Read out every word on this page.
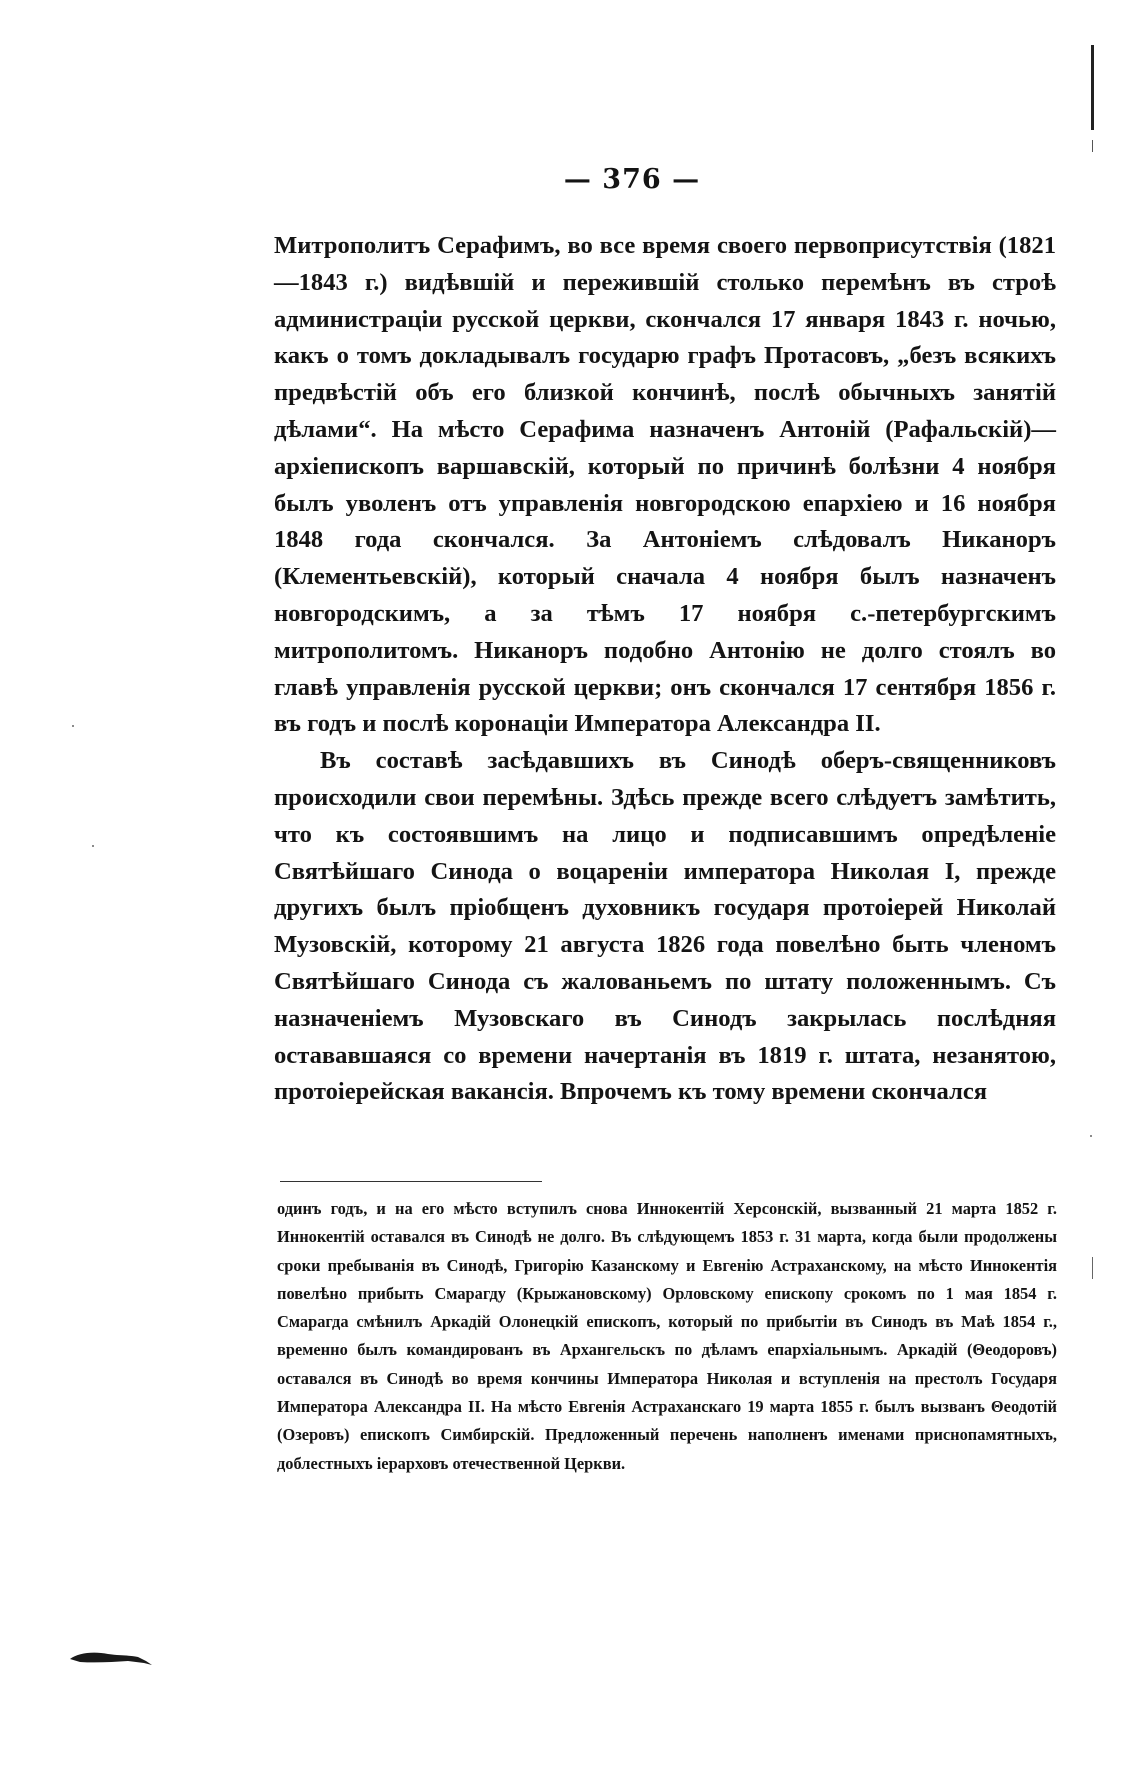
— 376 —

Митрополитъ Серафимъ, во все время своего первоприсутствія (1821—1843 г.) видѣвшій и пережившій столько перемѣнъ въ строѣ администраціи русской церкви, скончался 17 января 1843 г. ночью, какъ о томъ докладывалъ государю графъ Протасовъ, „безъ всякихъ предвѣстій объ его близкой кончинѣ, послѣ обычныхъ занятій дѣлами“. На мѣсто Серафима назначенъ Антоній (Рафальскій)—архіепископъ варшавскій, который по причинѣ болѣзни 4 ноября былъ уволенъ отъ управленія новгородскою епархіею и 16 ноября 1848 года скончался. За Антоніемъ слѣдовалъ Никаноръ (Клементьевскій), который сначала 4 ноября былъ назначенъ новгородскимъ, а за тѣмъ 17 ноября с.-петербургскимъ митрополитомъ. Никаноръ подобно Антонію не долго стоялъ во главѣ управленія русской церкви; онъ скончался 17 сентября 1856 г. въ годъ и послѣ коронаціи Императора Александра II.

Въ составѣ засѣдавшихъ въ Синодѣ оберъ-священниковъ происходили свои перемѣны. Здѣсь прежде всего слѣдуетъ замѣтить, что къ состоявшимъ на лицо и подписавшимъ опредѣленіе Святѣйшаго Синода о воцареніи императора Николая I, прежде другихъ былъ пріобщенъ духовникъ государя протоіерей Николай Музовскій, которому 21 августа 1826 года повелѣно быть членомъ Святѣйшаго Синода съ жалованьемъ по штату положеннымъ. Съ назначеніемъ Музовскаго въ Синодъ закрылась послѣдняя остававшаяся со времени начертанія въ 1819 г. штата, незанятою, протоіерейская вакансія. Впрочемъ къ тому времени скончался

одинъ годъ, и на его мѣсто вступилъ снова Иннокентій Херсонскій, вызванный 21 марта 1852 г. Иннокентій оставался въ Синодѣ не долго. Въ слѣдующемъ 1853 г. 31 марта, когда были продолжены сроки пребыванія въ Синодѣ, Григорію Казанскому и Евгенію Астраханскому, на мѣсто Иннокентія повелѣно прибыть Смарагду (Крыжановскому) Орловскому епископу срокомъ по 1 мая 1854 г. Смарагда смѣнилъ Аркадій Олонецкій епископъ, который по прибытіи въ Синодъ въ Маѣ 1854 г., временно былъ командированъ въ Архангельскъ по дѣламъ епархіальнымъ. Аркадій (Θеодоровъ) оставался въ Синодѣ во время кончины Императора Николая и вступленія на престолъ Государя Императора Александра II. На мѣсто Евгенія Астраханскаго 19 марта 1855 г. былъ вызванъ Θеодотій (Озеровъ) епископъ Симбирскій. Предложенный перечень наполненъ именами приснопамятныхъ, доблестныхъ іерарховъ отечественной Церкви.
